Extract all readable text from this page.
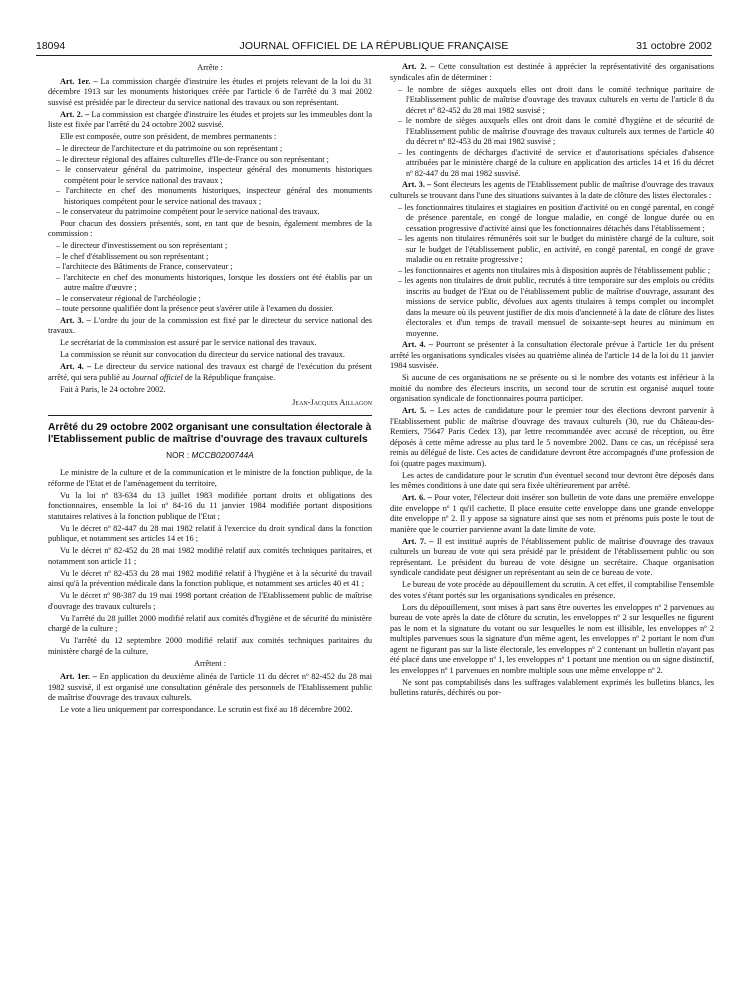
18094	JOURNAL OFFICIEL DE LA RÉPUBLIQUE FRANÇAISE	31 octobre 2002

Arrête :

Art. 1er. – La commission chargée d'instruire les études et projets relevant de la loi du 31 décembre 1913 sur les monuments historiques créée par l'article 6 de l'arrêté du 3 mai 2002 susvisé est présidée par le directeur du service national des travaux ou son représentant.

Art. 2. – La commission est chargée d'instruire les études et projets sur les immeubles dont la liste est fixée par l'arrêté du 24 octobre 2002 susvisé.

Elle est composée, outre son président, de membres permanents :

– le directeur de l'architecture et du patrimoine ou son représentant ;
– le directeur régional des affaires culturelles d'Ile-de-France ou son représentant ;
– le conservateur général du patrimoine, inspecteur général des monuments historiques compétent pour le service national des travaux ;
– l'architecte en chef des monuments historiques, inspecteur général des monuments historiques compétent pour le service national des travaux ;
– le conservateur du patrimoine compétent pour le service national des travaux.

Pour chacun des dossiers présentés, sont, en tant que de besoin, également membres de la commission :

– le directeur d'investissement ou son représentant ;
– le chef d'établissement ou son représentant ;
– l'architecte des Bâtiments de France, conservateur ;
– l'architecte en chef des monuments historiques, lorsque les dossiers ont été établis par un autre maître d'œuvre ;
– le conservateur régional de l'archéologie ;
– toute personne qualifiée dont la présence peut s'avérer utile à l'examen du dossier.

Art. 3. – L'ordre du jour de la commission est fixé par le directeur du service national des travaux.

Le secrétariat de la commission est assuré par le service national des travaux.

La commission se réunit sur convocation du directeur du service national des travaux.

Art. 4. – Le directeur du service national des travaux est chargé de l'exécution du présent arrêté, qui sera publié au Journal officiel de la République française.

Fait à Paris, le 24 octobre 2002.

Jean-Jacques Aillagon

Arrêté du 29 octobre 2002 organisant une consultation électorale à l'Etablissement public de maîtrise d'ouvrage des travaux culturels
NOR : MCCB0200744A

Le ministre de la culture et de la communication et le ministre de la fonction publique, de la réforme de l'Etat et de l'aménagement du territoire,

Vu la loi nº 83-634 du 13 juillet 1983 modifiée portant droits et obligations des fonctionnaires, ensemble la loi nº 84-16 du 11 janvier 1984 modifiée portant dispositions statutaires relatives à la fonction publique de l'Etat ;

Vu le décret nº 82-447 du 28 mai 1982 relatif à l'exercice du droit syndical dans la fonction publique, et notamment ses articles 14 et 16 ;

Vu le décret nº 82-452 du 28 mai 1982 modifié relatif aux comités techniques paritaires, et notamment son article 11 ;

Vu le décret nº 82-453 du 28 mai 1982 modifié relatif à l'hygiène et à la sécurité du travail ainsi qu'à la prévention médicale dans la fonction publique, et notamment ses articles 40 et 41 ;

Vu le décret nº 98-387 du 19 mai 1998 portant création de l'Etablissement public de maîtrise d'ouvrage des travaux culturels ;

Vu l'arrêté du 28 juillet 2000 modifié relatif aux comités d'hygiène et de sécurité du ministère chargé de la culture ;

Vu l'arrêté du 12 septembre 2000 modifié relatif aux comités techniques paritaires du ministère chargé de la culture,

Arrêtent :

Art. 1er. – En application du deuxième alinéa de l'article 11 du décret nº 82-452 du 28 mai 1982 susvisé, il est organisé une consultation générale des personnels de l'Etablissement public de maîtrise d'ouvrage des travaux culturels.

Le vote a lieu uniquement par correspondance. Le scrutin est fixé au 18 décembre 2002.

Art. 2. – Cette consultation est destinée à apprécier la représentativité des organisations syndicales afin de déterminer :

– le nombre de sièges auxquels elles ont droit dans le comité technique paritaire de l'Etablissement public de maîtrise d'ouvrage des travaux culturels en vertu de l'article 8 du décret nº 82-452 du 28 mai 1982 susvisé ;
– le nombre de sièges auxquels elles ont droit dans le comité d'hygiène et de sécurité de l'Etablissement public de maîtrise d'ouvrage des travaux culturels aux termes de l'article 40 du décret nº 82-453 du 28 mai 1982 susvisé ;
– les contingents de décharges d'activité de service et d'autorisations spéciales d'absence attribuées par le ministère chargé de la culture en application des articles 14 et 16 du décret nº 82-447 du 28 mai 1982 susvisé.

Art. 3. – Sont électeurs les agents de l'Etablissement public de maîtrise d'ouvrage des travaux culturels se trouvant dans l'une des situations suivantes à la date de clôture des listes électorales :

– les fonctionnaires titulaires et stagiaires en position d'activité ou en congé parental, en congé de présence parentale, en congé de longue maladie, en congé de longue durée ou en cessation progressive d'activité ainsi que les fonctionnaires détachés dans l'établissement ;
– les agents non titulaires rémunérés soit sur le budget du ministère chargé de la culture, soit sur le budget de l'établissement public, en activité, en congé parental, en congé de grave maladie ou en retraite progressive ;
– les fonctionnaires et agents non titulaires mis à disposition auprès de l'établissement public ;
– les agents non titulaires de droit public, recrutés à titre temporaire sur des emplois ou crédits inscrits au budget de l'Etat ou de l'établissement public de maîtrise d'ouvrage, assurant des missions de service public, dévolues aux agents titulaires à temps complet ou incomplet dans la mesure où ils peuvent justifier de dix mois d'ancienneté à la date de clôture des listes électorales et d'un temps de travail mensuel de soixante-sept heures au minimum en moyenne.

Art. 4. – Pourront se présenter à la consultation électorale prévue à l'article 1er du présent arrêté les organisations syndicales visées au quatrième alinéa de l'article 14 de la loi du 11 janvier 1984 susvisée.

Si aucune de ces organisations ne se présente ou si le nombre des votants est inférieur à la moitié du nombre des électeurs inscrits, un second tour de scrutin est organisé auquel toute organisation syndicale de fonctionnaires pourra participer.

Art. 5. – Les actes de candidature pour le premier tour des élections devront parvenir à l'Etablissement public de maîtrise d'ouvrage des travaux culturels (30, rue du Château-des-Rentiers, 75647 Paris Cedex 13), par lettre recommandée avec accusé de réception, ou être déposés à cette même adresse au plus tard le 5 novembre 2002. Dans ce cas, un récépissé sera remis au délégué de liste. Ces actes de candidature devront être accompagnés d'une profession de foi (quatre pages maximum).

Les actes de candidature pour le scrutin d'un éventuel second tour devront être déposés dans les mêmes conditions à une date qui sera fixée ultérieurement par arrêté.

Art. 6. – Pour voter, l'électeur doit insérer son bulletin de vote dans une première enveloppe dite enveloppe nº 1 qu'il cachette. Il place ensuite cette enveloppe dans une grande enveloppe dite enveloppe nº 2. Il y appose sa signature ainsi que ses nom et prénoms puis poste le tout de manière que le courrier parvienne avant la date limite de vote.

Art. 7. – Il est institué auprès de l'établissement public de maîtrise d'ouvrage des travaux culturels un bureau de vote qui sera présidé par le président de l'établissement public ou son représentant. Le président du bureau de vote désigne un secrétaire. Chaque organisation syndicale candidate peut désigner un représentant au sein de ce bureau de vote.

Le bureau de vote procède au dépouillement du scrutin. A cet effet, il comptabilise l'ensemble des votes s'étant portés sur les organisations syndicales en présence.

Lors du dépouillement, sont mises à part sans être ouvertes les enveloppes nº 2 parvenues au bureau de vote après la date de clôture du scrutin, les enveloppes nº 2 sur lesquelles ne figurent pas le nom et la signature du votant ou sur lesquelles le nom est illisible, les enveloppes nº 2 multiples parvenues sous la signature d'un même agent, les enveloppes nº 2 portant le nom d'un agent ne figurant pas sur la liste électorale, les enveloppes nº 2 contenant un bulletin n'ayant pas été placé dans une enveloppe nº 1, les enveloppes nº 1 portant une mention ou un signe distinctif, les enveloppes nº 1 parvenues en nombre multiple sous une même enveloppe nº 2.

Ne sont pas comptabilisés dans les suffrages valablement exprimés les bulletins blancs, les bulletins raturés, déchirés ou por-
